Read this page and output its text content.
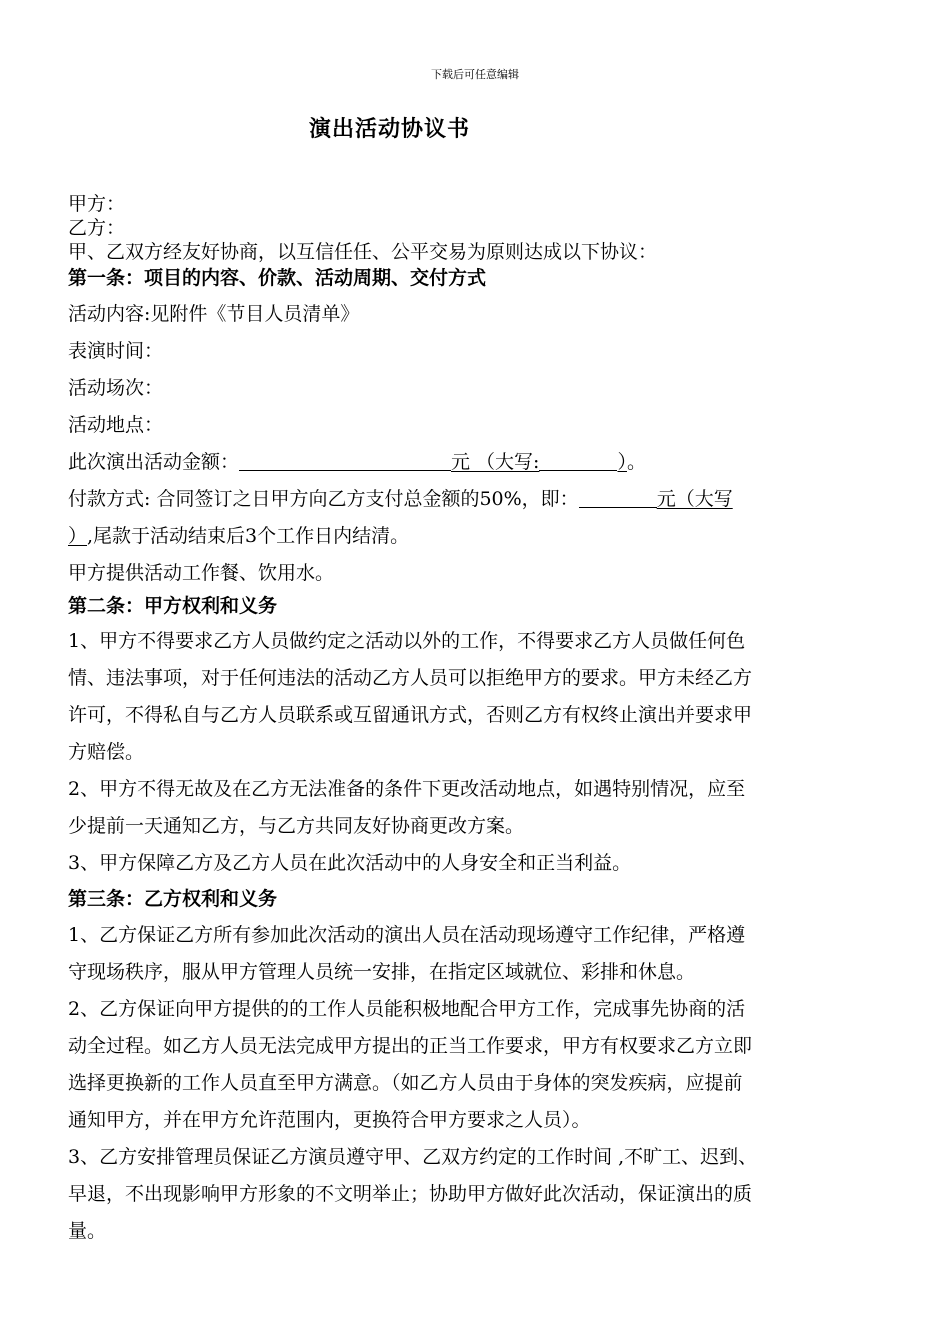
下载后可任意编辑
演出活动协议书
甲方：
乙方：
甲、乙双方经友好协商，以互信任任、公平交易为原则达成以下协议：
第一条：项目的内容、价款、活动周期、交付方式
活动内容:见附件《节目人员清单》
表演时间：
活动场次：
活动地点：
此次演出活动金额：	元 （大写:	）。
付款方式: 合同签订之日甲方向乙方支付总金额的50%，即：	元（大写
）,尾款于活动结束后3个工作日内结清。
甲方提供活动工作餐、饮用水。
第二条：甲方权利和义务
1、甲方不得要求乙方人员做约定之活动以外的工作，不得要求乙方人员做任何色
情、违法事项，对于任何违法的活动乙方人员可以拒绝甲方的要求。甲方未经乙方
许可，不得私自与乙方人员联系或互留通讯方式，否则乙方有权终止演出并要求甲
方赔偿。
2、甲方不得无故及在乙方无法准备的条件下更改活动地点，如遇特别情况，应至
少提前一天通知乙方，与乙方共同友好协商更改方案。
3、甲方保障乙方及乙方人员在此次活动中的人身安全和正当利益。
第三条：乙方权利和义务
1、乙方保证乙方所有参加此次活动的演出人员在活动现场遵守工作纪律，严格遵
守现场秩序，服从甲方管理人员统一安排，在指定区域就位、彩排和休息。
2、乙方保证向甲方提供的的工作人员能积极地配合甲方工作，完成事先协商的活
动全过程。如乙方人员无法完成甲方提出的正当工作要求，甲方有权要求乙方立即
选择更换新的工作人员直至甲方满意。（如乙方人员由于身体的突发疾病，应提前
通知甲方，并在甲方允许范围内，更换符合甲方要求之人员）。
3、乙方安排管理员保证乙方演员遵守甲、乙双方约定的工作时间 ,不旷工、迟到、
早退，不出现影响甲方形象的不文明举止；协助甲方做好此次活动，保证演出的质
量。
